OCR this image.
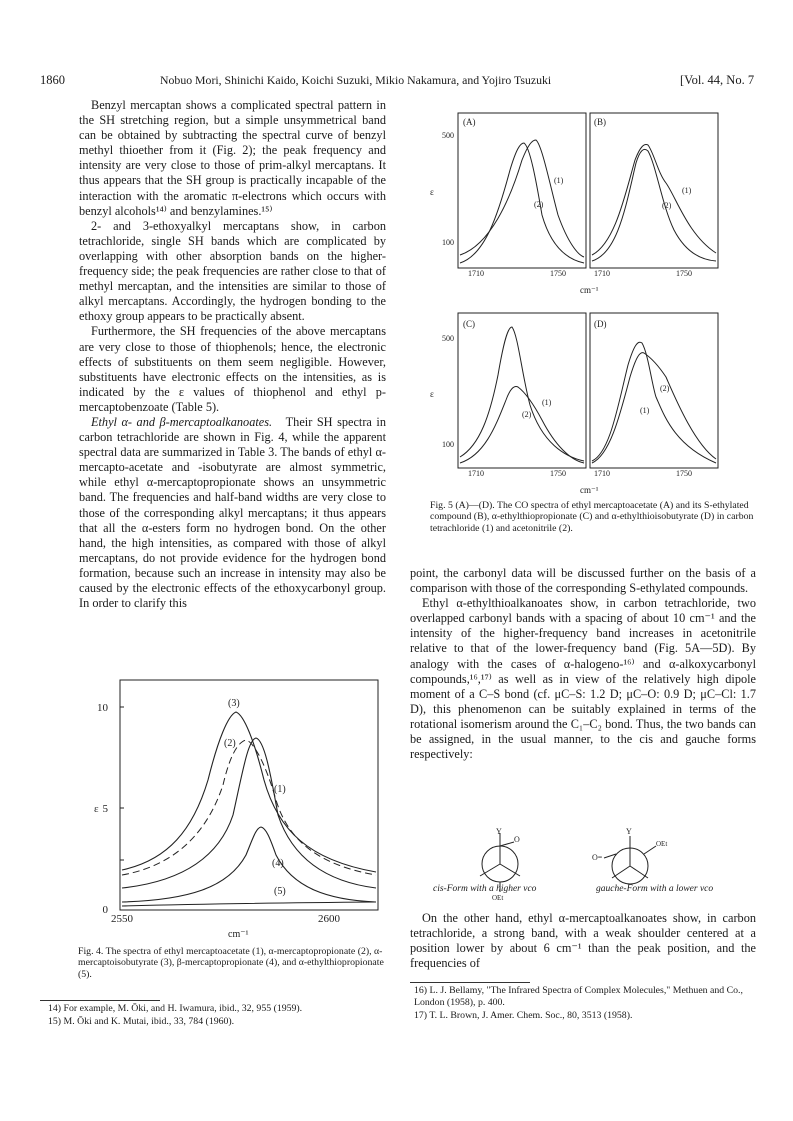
1860	Nobuo Mori, Shinichi Kaido, Koichi Suzuki, Mikio Nakamura, and Yojiro Tsuzuki	[Vol. 44, No. 7

Benzyl mercaptan shows a complicated spectral pattern in the SH stretching region, but a simple unsymmetrical band can be obtained by subtracting the spectral curve of benzyl methyl thioether from it (Fig. 2); the peak frequency and intensity are very close to those of prim-alkyl mercaptans. It thus appears that the SH group is practically incapable of the interaction with the aromatic π-electrons which occurs with benzyl alcohols¹⁴⁾ and benzylamines.¹⁵⁾

2- and 3-ethoxyalkyl mercaptans show, in carbon tetrachloride, single SH bands which are complicated by overlapping with other absorption bands on the higher-frequency side; the peak frequencies are rather close to that of methyl mercaptan, and the intensities are similar to those of alkyl mercaptans. Accordingly, the hydrogen bonding to the ethoxy group appears to be practically absent.

Furthermore, the SH frequencies of the above mercaptans are very close to those of thiophenols; hence, the electronic effects of substituents on them seem negligible. However, substituents have electronic effects on the intensities, as is indicated by the ε values of thiophenol and ethyl p-mercaptobenzoate (Table 5).

Ethyl α- and β-mercaptoalkanoates. Their SH spectra in carbon tetrachloride are shown in Fig. 4, while the apparent spectral data are summarized in Table 3. The bands of ethyl α-mercapto-acetate and -isobutyrate are almost symmetric, while ethyl α-mercaptopropionate shows an unsymmetric band. The frequencies and half-band widths are very close to those of the corresponding alkyl mercaptans; it thus appears that all the α-esters form no hydrogen bond. On the other hand, the high intensities, as compared with those of alkyl mercaptans, do not provide evidence for the hydrogen bond formation, because such an increase in intensity may also be caused by the electronic effects of the ethoxycarbonyl group. In order to clarify this

10
5
0
ε
2550	2600
cm⁻¹
(3)
(2)
(1)
(4)
(5)
Fig. 4. The spectra of ethyl mercaptoacetate (1), α-mercaptopropionate (2), α-mercaptoisobutyrate (3), β-mercaptopropionate (4), and α-ethylthiopropionate (5).
14) For example, M. Ōki, and H. Iwamura, ibid., 32, 955 (1959).
15) M. Ōki and K. Mutai, ibid., 33, 784 (1960).
(A)
500
100
ε
1710	1750
(1)
(2)
(B)
1710	1750
(1)
(2)
cm⁻¹
(C)
500
100
ε
1710	1750
(1)
(2)
(D)
1710	1750
(2)
(1)
cm⁻¹
Fig. 5 (A)—(D). The CO spectra of ethyl mercaptoacetate (A) and its S-ethylated compound (B), α-ethylthiopropionate (C) and α-ethylthioisobutyrate (D) in carbon tetrachloride (1) and acetonitrile (2).

point, the carbonyl data will be discussed further on the basis of a comparison with those of the corresponding S-ethylated compounds.

Ethyl α-ethylthioalkanoates show, in carbon tetrachloride, two overlapped carbonyl bands with a spacing of about 10 cm⁻¹ and the intensity of the higher-frequency band increases in acetonitrile relative to that of the lower-frequency band (Fig. 5A—5D). By analogy with the cases of α-halogeno-¹⁶⁾ and α-alkoxycarbonyl compounds,¹⁶,¹⁷⁾ as well as in view of the relatively high dipole moment of a C–S bond (cf. μC–S: 1.2 D; μC–O: 0.9 D; μC–Cl: 1.7 D), this phenomenon can be suitably explained in terms of the rotational isomerism around the C₁–C₂ bond. Thus, the two bands can be assigned, in the usual manner, to the cis and gauche forms respectively:

Y
O
OEt
Y
OEt
O=
cis-Form with a higher νco	gauche-Form with a lower νco

On the other hand, ethyl α-mercaptoalkanoates show, in carbon tetrachloride, a strong band, with a weak shoulder centered at a position lower by about 6 cm⁻¹ than the peak position, and the frequencies of

16) L. J. Bellamy, "The Infrared Spectra of Complex Molecules," Methuen and Co., London (1958), p. 400.
17) T. L. Brown, J. Amer. Chem. Soc., 80, 3513 (1958).
